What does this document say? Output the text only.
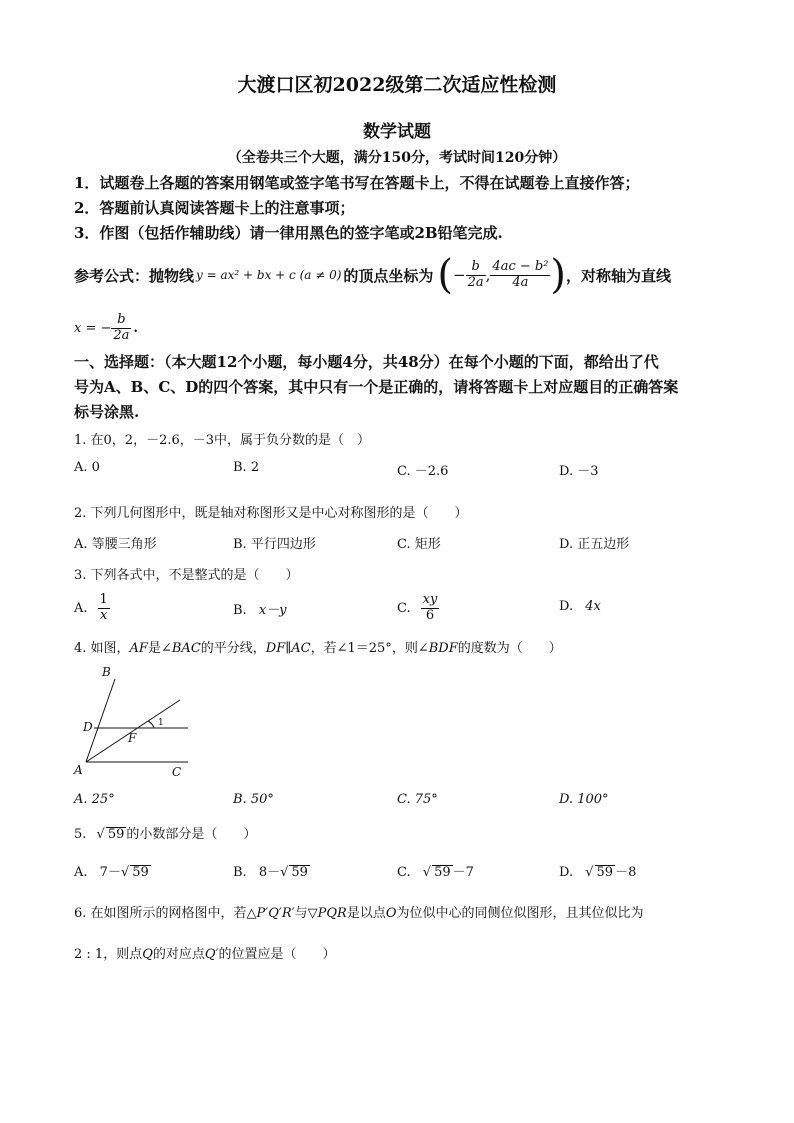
大渡口区初2022级第二次适应性检测
数学试题
（全卷共三个大题，满分150分，考试时间120分钟）
1．试题卷上各题的答案用钢笔或签字笔书写在答题卡上，不得在试题卷上直接作答；
2．答题前认真阅读答题卡上的注意事项；
3．作图（包括作辅助线）请一律用黑色的签字笔或2B铅笔完成.
参考公式：抛物线 y = ax² + bx + c (a ≠ 0) 的顶点坐标为 ( − $\frac{b}{2a}$ , $\frac{\text{4ac − b²}}{4a}$ ) ，对称轴为直线
x = − $\frac{b}{2a}$ .
一、选择题：（本大题12个小题，每小题4分，共48分）在每个小题的下面，都给出了代
号为A、B、C、D的四个答案，其中只有一个是正确的，请将答题卡上对应题目的正确答案
标号涂黑.
1. 在0，2，－2.6，－3中，属于负分数的是（　）
A. 0	B. 2	C. －2.6	D. －3
2. 下列几何图形中，既是轴对称图形又是中心对称图形的是（　　）
A. 等腰三角形	B. 平行四边形	C. 矩形	D. 正五边形
3. 下列各式中，不是整式的是（　　）
A. $\frac{1}{x}$	B. x－y	C. $\frac{xy}{6}$	D. 4x
4. 如图，AF是∠BAC的平分线，DF∥AC，若∠1＝25°，则∠BDF的度数为（　　）
B
D
F
A	C
1
A. 25°	B. 50°	C. 75°	D. 100°
5. √ 59 的小数部分是（　　）
A. 7－√ 59	B. 8－√ 59	C. √ 59 －7	D. √ 59 －8
6. 在如图所示的网格图中，若△P′Q′R′与▽PQR是以点O为位似中心的同侧位似图形，且其位似比为
2 : 1，则点Q的对应点Q′的位置应是（　　）
